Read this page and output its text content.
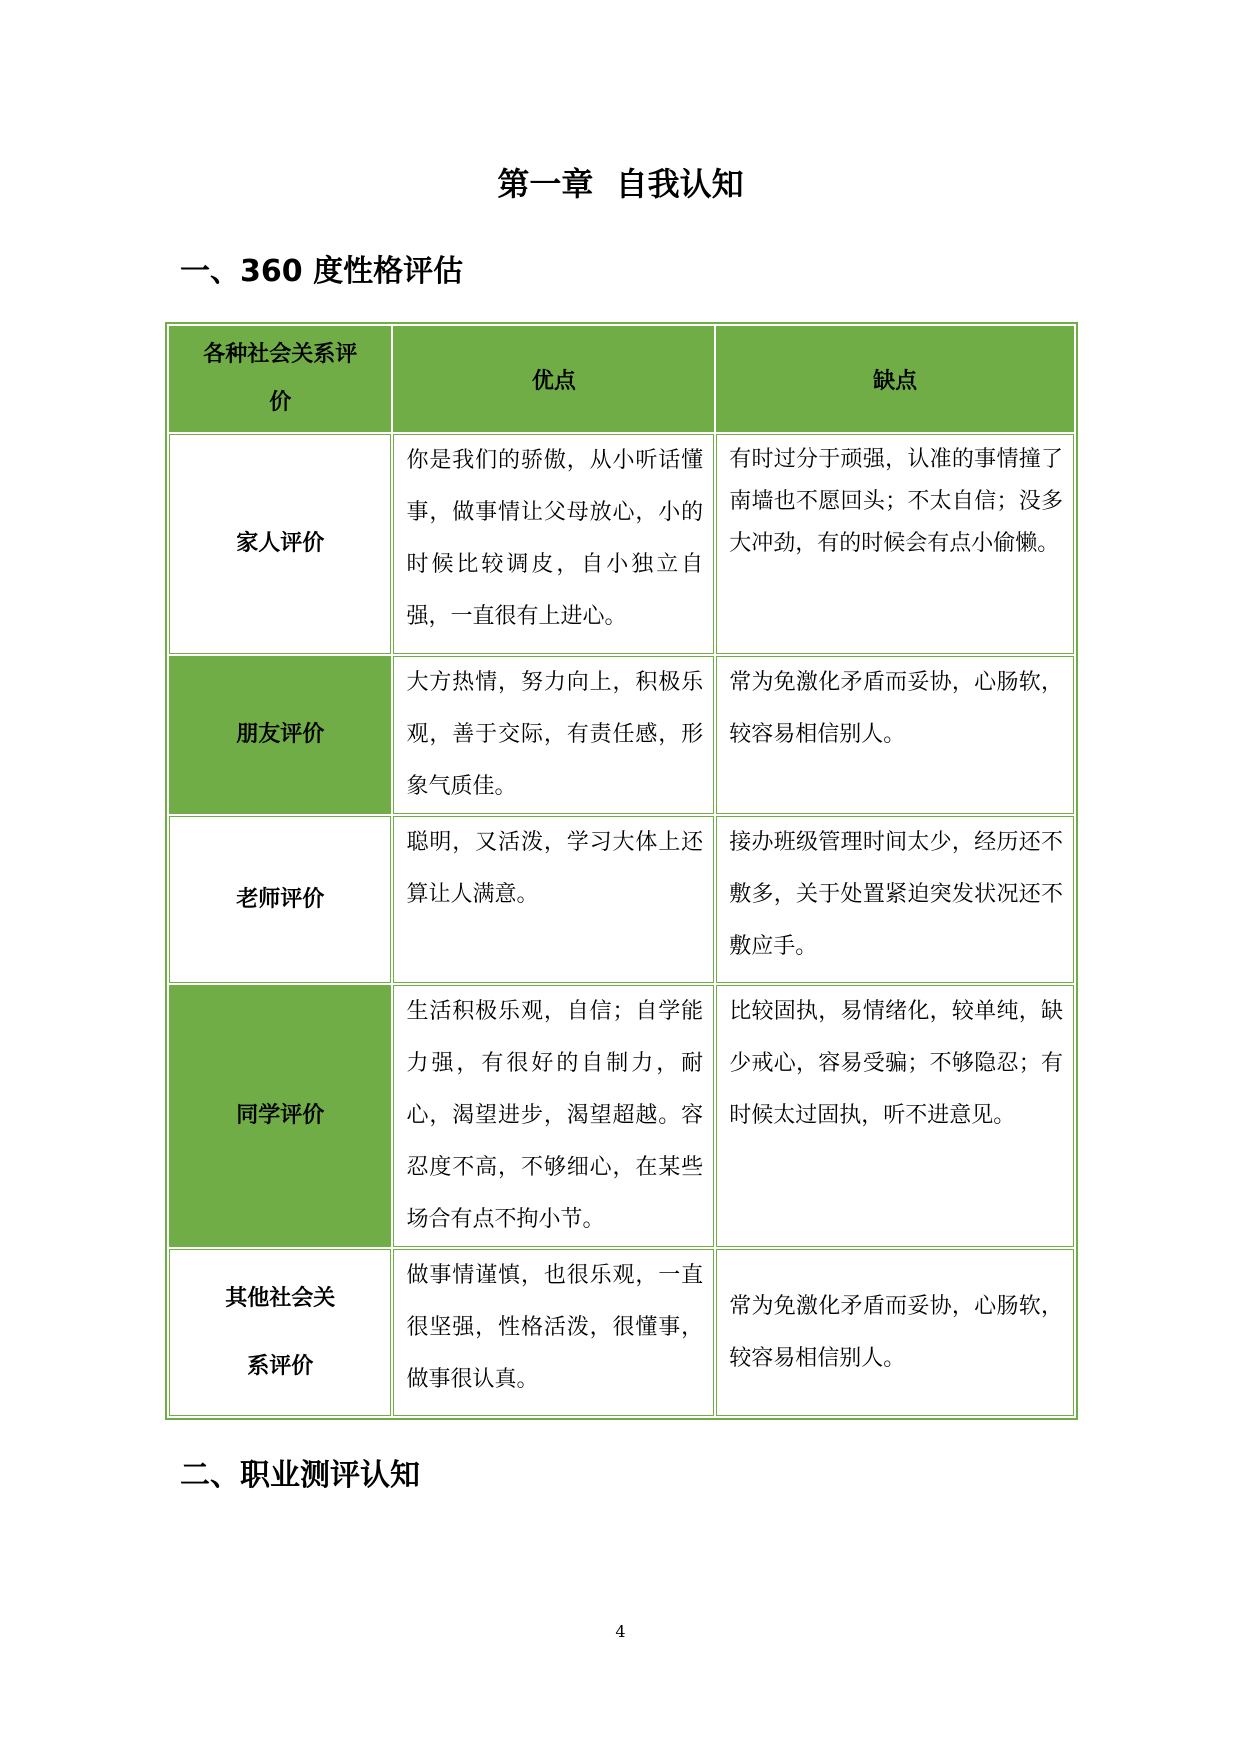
第一章  自我认知
一、360 度性格评估
各种社会关系评价	优点	缺点

家人评价	你是我们的骄傲，从小听话懂事，做事情让父母放心，小的时候比较调皮，自小独立自强，一直很有上进心。	有时过分于顽强，认准的事情撞了南墙也不愿回头；不太自信；没多大冲劲，有的时候会有点小偷懒。

朋友评价	大方热情，努力向上，积极乐观，善于交际，有责任感，形象气质佳。	常为免激化矛盾而妥协，心肠软，较容易相信别人。

老师评价	聪明，又活泼，学习大体上还算让人满意。	接办班级管理时间太少，经历还不敷多，关于处置紧迫突发状况还不敷应手。

同学评价	生活积极乐观，自信；自学能力强，有很好的自制力，耐心，渴望进步，渴望超越。容忍度不高，不够细心，在某些场合有点不拘小节。	比较固执，易情绪化，较单纯，缺少戒心，容易受骗；不够隐忍；有时候太过固执，听不进意见。

其他社会关系评价	做事情谨慎，也很乐观，一直很坚强，性格活泼，很懂事，做事很认真。	常为免激化矛盾而妥协，心肠软，较容易相信别人。
二、职业测评认知
4
